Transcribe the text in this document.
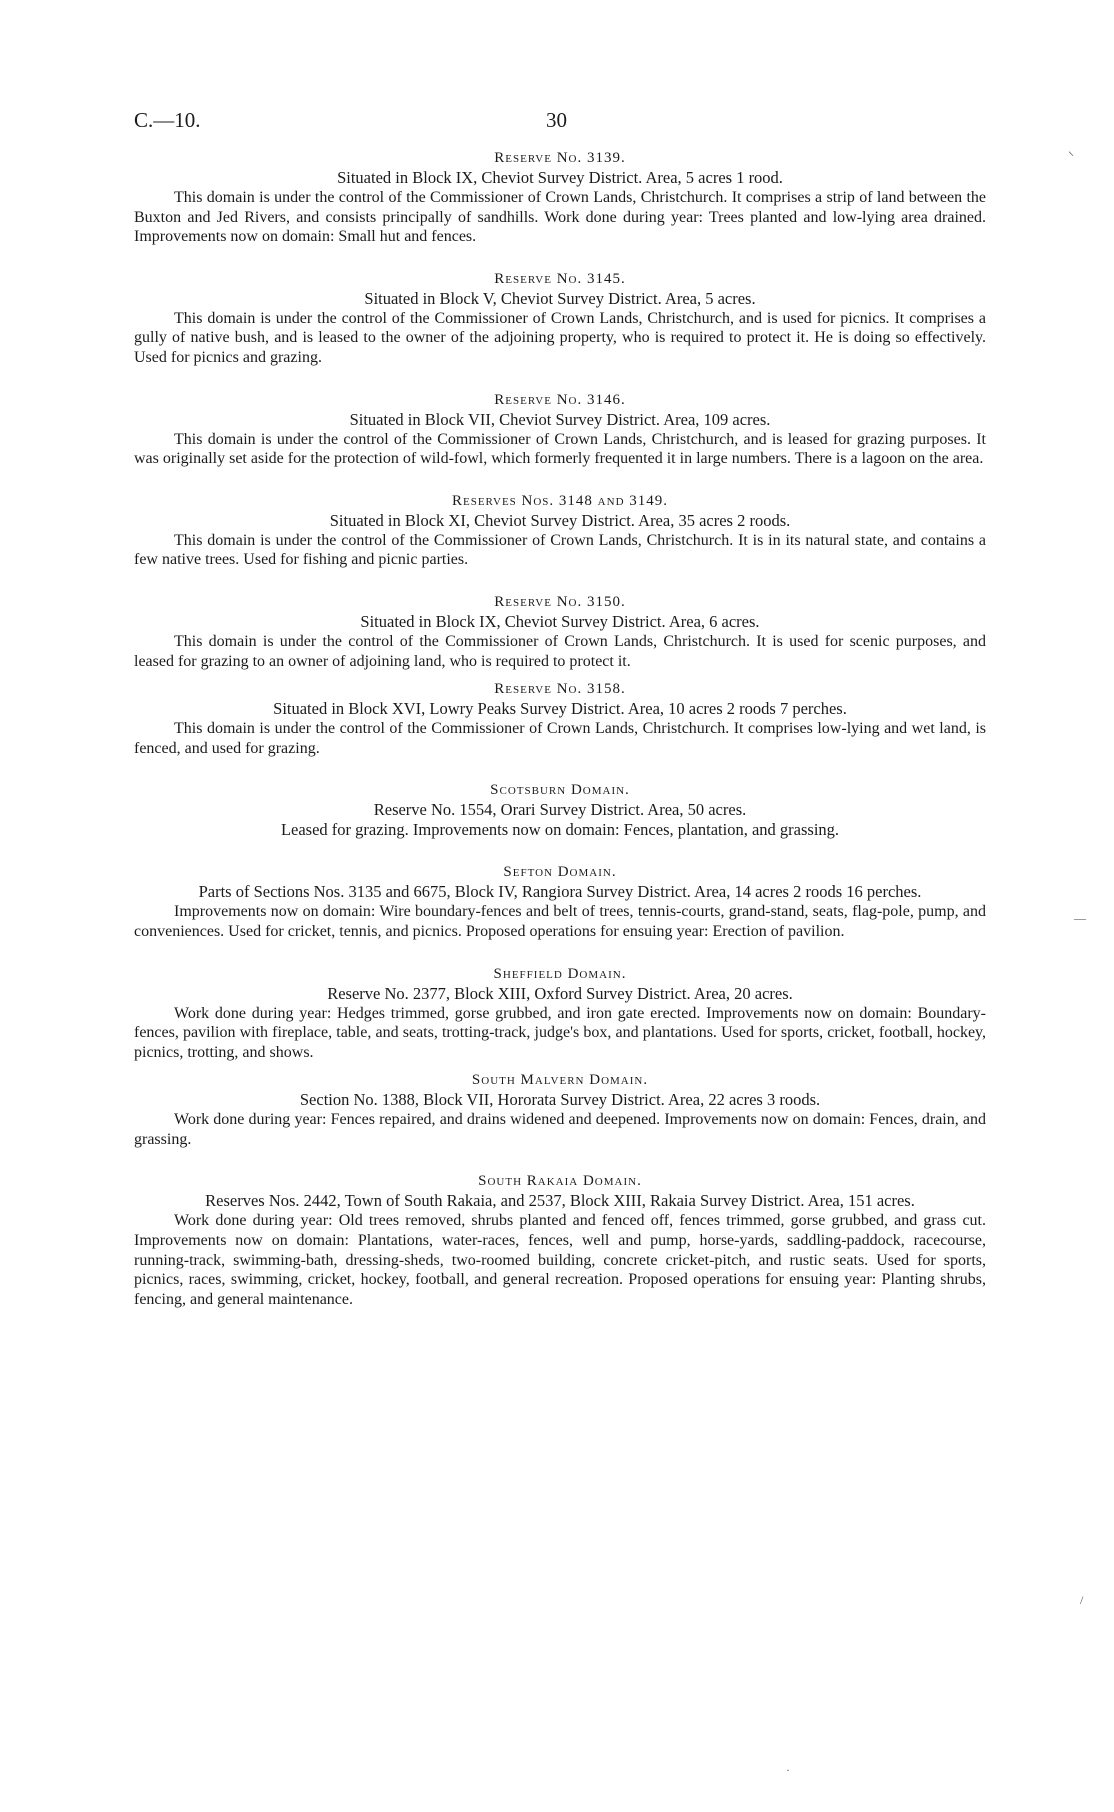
C.—10.	30

Reserve No. 3139.

Situated in Block IX, Cheviot Survey District. Area, 5 acres 1 rood.

This domain is under the control of the Commissioner of Crown Lands, Christchurch. It comprises a strip of land between the Buxton and Jed Rivers, and consists principally of sandhills. Work done during year: Trees planted and low-lying area drained. Improvements now on domain: Small hut and fences.

Reserve No. 3145.

Situated in Block V, Cheviot Survey District. Area, 5 acres.

This domain is under the control of the Commissioner of Crown Lands, Christchurch, and is used for picnics. It comprises a gully of native bush, and is leased to the owner of the adjoining property, who is required to protect it. He is doing so effectively. Used for picnics and grazing.

Reserve No. 3146.

Situated in Block VII, Cheviot Survey District. Area, 109 acres.

This domain is under the control of the Commissioner of Crown Lands, Christchurch, and is leased for grazing purposes. It was originally set aside for the protection of wild-fowl, which formerly frequented it in large numbers. There is a lagoon on the area.

Reserves Nos. 3148 and 3149.

Situated in Block XI, Cheviot Survey District. Area, 35 acres 2 roods.

This domain is under the control of the Commissioner of Crown Lands, Christchurch. It is in its natural state, and contains a few native trees. Used for fishing and picnic parties.

Reserve No. 3150.

Situated in Block IX, Cheviot Survey District. Area, 6 acres.

This domain is under the control of the Commissioner of Crown Lands, Christchurch. It is used for scenic purposes, and leased for grazing to an owner of adjoining land, who is required to protect it.

Reserve No. 3158.

Situated in Block XVI, Lowry Peaks Survey District. Area, 10 acres 2 roods 7 perches.

This domain is under the control of the Commissioner of Crown Lands, Christchurch. It comprises low-lying and wet land, is fenced, and used for grazing.

Scotsburn Domain.

Reserve No. 1554, Orari Survey District. Area, 50 acres.

Leased for grazing. Improvements now on domain: Fences, plantation, and grassing.

Sefton Domain.

Parts of Sections Nos. 3135 and 6675, Block IV, Rangiora Survey District. Area, 14 acres 2 roods 16 perches.

Improvements now on domain: Wire boundary-fences and belt of trees, tennis-courts, grand-stand, seats, flag-pole, pump, and conveniences. Used for cricket, tennis, and picnics. Proposed operations for ensuing year: Erection of pavilion.

Sheffield Domain.

Reserve No. 2377, Block XIII, Oxford Survey District. Area, 20 acres.

Work done during year: Hedges trimmed, gorse grubbed, and iron gate erected. Improvements now on domain: Boundary-fences, pavilion with fireplace, table, and seats, trotting-track, judge's box, and plantations. Used for sports, cricket, football, hockey, picnics, trotting, and shows.

South Malvern Domain.

Section No. 1388, Block VII, Hororata Survey District. Area, 22 acres 3 roods.

Work done during year: Fences repaired, and drains widened and deepened. Improvements now on domain: Fences, drain, and grassing.

South Rakaia Domain.

Reserves Nos. 2442, Town of South Rakaia, and 2537, Block XIII, Rakaia Survey District. Area, 151 acres.

Work done during year: Old trees removed, shrubs planted and fenced off, fences trimmed, gorse grubbed, and grass cut. Improvements now on domain: Plantations, water-races, fences, well and pump, horse-yards, saddling-paddock, racecourse, running-track, swimming-bath, dressing-sheds, two-roomed building, concrete cricket-pitch, and rustic seats. Used for sports, picnics, races, swimming, cricket, hockey, football, and general recreation. Proposed operations for ensuing year: Planting shrubs, fencing, and general maintenance.

⸌
—
/
·
